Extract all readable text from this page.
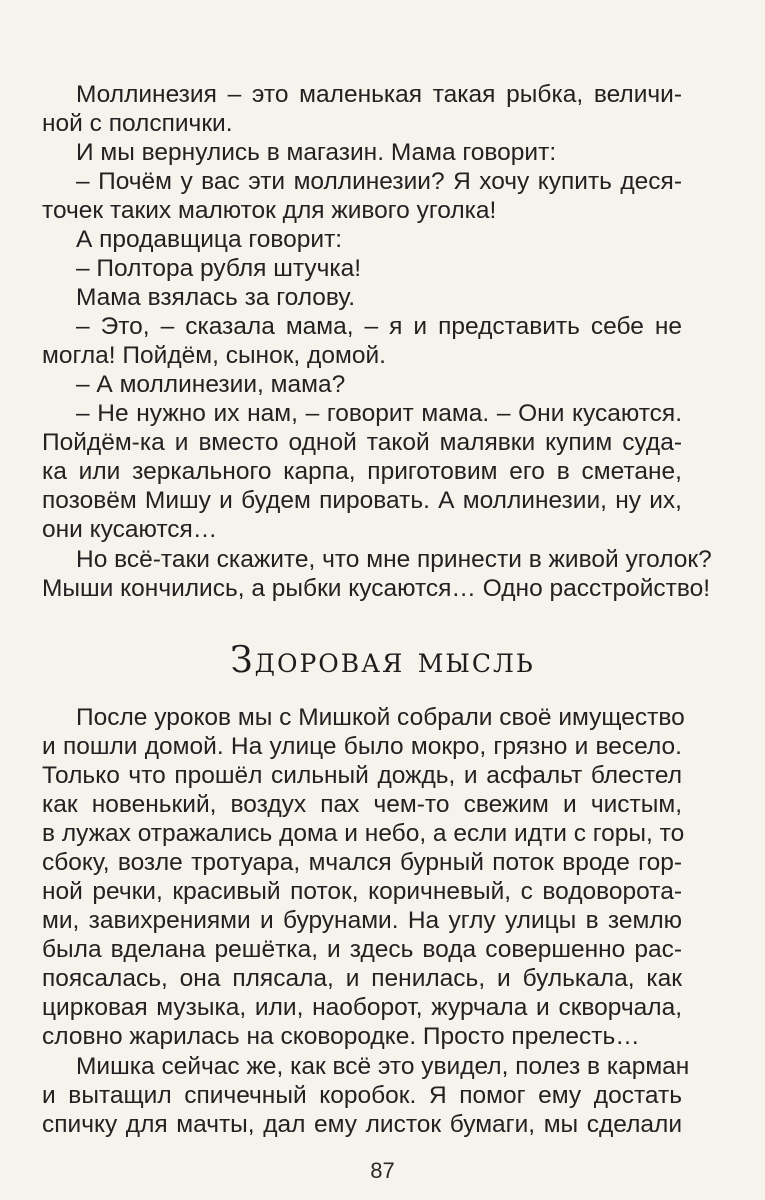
Моллинезия – это маленькая такая рыбка, величи-
ной с полспички.
И мы вернулись в магазин. Мама говорит:
– Почём у вас эти моллинезии? Я хочу купить деся-
точек таких малюток для живого уголка!
А продавщица говорит:
– Полтора рубля штучка!
Мама взялась за голову.
– Это, – сказала мама, – я и представить себе не
могла! Пойдём, сынок, домой.
– А моллинезии, мама?
– Не нужно их нам, – говорит мама. – Они кусаются.
Пойдём-ка и вместо одной такой малявки купим суда-
ка или зеркального карпа, приготовим его в сметане,
позовём Мишу и будем пировать. А моллинезии, ну их,
они кусаются…
Но всё-таки скажите, что мне принести в живой уголок?
Мыши кончились, а рыбки кусаются… Одно расстройство!
Здоровая мысль
После уроков мы с Мишкой собрали своё имущество
и пошли домой. На улице было мокро, грязно и весело.
Только что прошёл сильный дождь, и асфальт блестел
как новенький, воздух пах чем-то свежим и чистым,
в лужах отражались дома и небо, а если идти с горы, то
сбоку, возле тротуара, мчался бурный поток вроде гор-
ной речки, красивый поток, коричневый, с водоворота-
ми, завихрениями и бурунами. На углу улицы в землю
была вделана решётка, и здесь вода совершенно рас-
поясалась, она плясала, и пенилась, и булькала, как
цирковая музыка, или, наоборот, журчала и скворчала,
словно жарилась на сковородке. Просто прелесть…
Мишка сейчас же, как всё это увидел, полез в карман
и вытащил спичечный коробок. Я помог ему достать
спичку для мачты, дал ему листок бумаги, мы сделали
87
